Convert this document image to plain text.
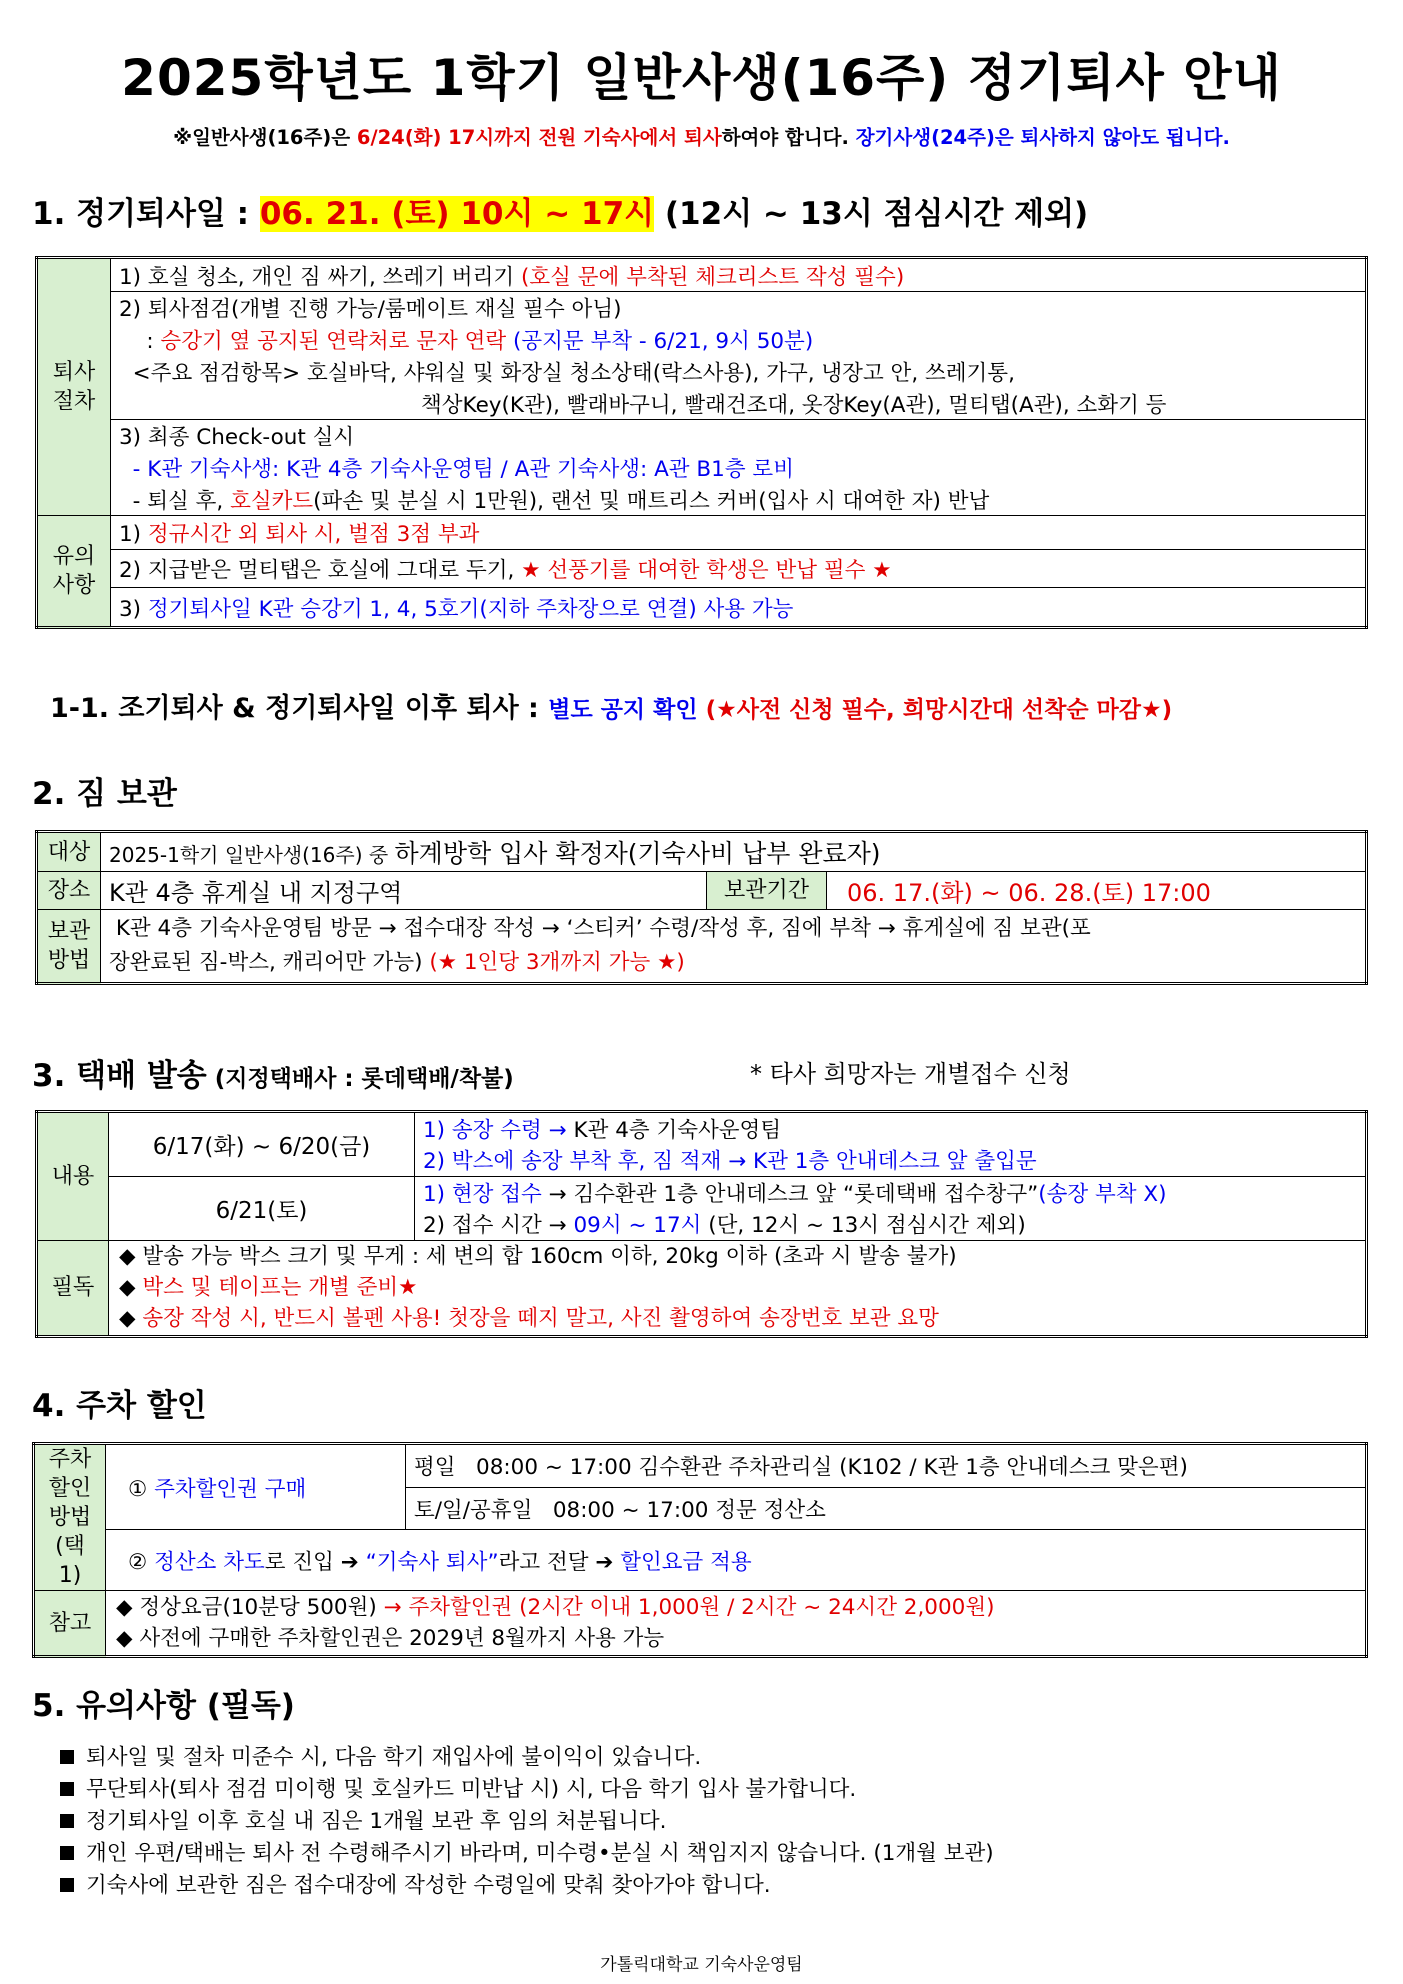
2025학년도 1학기 일반사생(16주) 정기퇴사 안내
※일반사생(16주)은 6/24(화) 17시까지 전원 기숙사에서 퇴사하여야 합니다. 장기사생(24주)은 퇴사하지 않아도 됩니다.
1. 정기퇴사일 : 06. 21. (토) 10시 ~ 17시 (12시 ~ 13시 점심시간 제외)
퇴사 절차	1) 호실 청소, 개인 짐 싸기, 쓰레기 버리기 (호실 문에 부착된 체크리스트 작성 필수)
	2) 퇴사점검(개별 진행 가능/룸메이트 재실 필수 아님)
	: 승강기 옆 공지된 연락처로 문자 연락 (공지문 부착 - 6/21, 9시 50분)
	<주요 점검항목> 호실바닥, 샤워실 및 화장실 청소상태(락스사용), 가구, 냉장고 안, 쓰레기통,
	책상Key(K관), 빨래바구니, 빨래건조대, 옷장Key(A관), 멀티탭(A관), 소화기 등
	3) 최종 Check-out 실시
	- K관 기숙사생: K관 4층 기숙사운영팀 / A관 기숙사생: A관 B1층 로비
	- 퇴실 후, 호실카드(파손 및 분실 시 1만원), 랜선 및 매트리스 커버(입사 시 대여한 자) 반납

유의 사항	1) 정규시간 외 퇴사 시, 벌점 3점 부과
	2) 지급받은 멀티탭은 호실에 그대로 두기, ★ 선풍기를 대여한 학생은 반납 필수 ★
	3) 정기퇴사일 K관 승강기 1, 4, 5호기(지하 주차장으로 연결) 사용 가능
1-1. 조기퇴사 & 정기퇴사일 이후 퇴사 : 별도 공지 확인 (★사전 신청 필수, 희망시간대 선착순 마감★)
2. 짐 보관
대상	2025-1학기 일반사생(16주) 중 하계방학 입사 확정자(기숙사비 납부 완료자)		
장소	K관 4층 휴게실 내 지정구역	보관기간	06. 17.(화) ~ 06. 28.(토) 17:00

보관 방법	K관 4층 기숙사운영팀 방문 → 접수대장 작성 → ‘스티커’ 수령/작성 후, 짐에 부착 → 휴게실에 짐 보관(포
장완료된 짐-박스, 캐리어만 가능) (★ 1인당 3개까지 가능 ★)		
3. 택배 발송 (지정택배사 : 롯데택배/착불)	* 타사 희망자는 개별접수 신청
내용	6/17(화) ~ 6/20(금)	1) 송장 수령 → K관 4층 기숙사운영팀
		2) 박스에 송장 부착 후, 짐 적재 → K관 1층 안내데스크 앞 출입문
	6/21(토)	1) 현장 접수 → 김수환관 1층 안내데스크 앞 “롯데택배 접수창구”(송장 부착 X)
		2) 접수 시간 → 09시 ~ 17시 (단, 12시 ~ 13시 점심시간 제외)
필독	◆ 발송 가능 박스 크기 및 무게 : 세 변의 합 160cm 이하, 20kg 이하 (초과 시 발송 불가)
◆ 박스 및 테이프는 개별 준비★
◆ 송장 작성 시, 반드시 볼펜 사용! 첫장을 떼지 말고, 사진 촬영하여 송장번호 보관 요망	
4. 주차 할인
주차 할인 방법 (택1)	① 주차할인권 구매	평일   08:00 ~ 17:00 김수환관 주차관리실 (K102 / K관 1층 안내데스크 맞은편)
		토/일/공휴일   08:00 ~ 17:00 정문 정산소
	② 정산소 차도로 진입 ➔ “기숙사 퇴사”라고 전달 ➔ 할인요금 적용	
참고	◆ 정상요금(10분당 500원) → 주차할인권 (2시간 이내 1,000원 / 2시간 ~ 24시간 2,000원)
◆ 사전에 구매한 주차할인권은 2029년 8월까지 사용 가능	
5. 유의사항 (필독)
퇴사일 및 절차 미준수 시, 다음 학기 재입사에 불이익이 있습니다.
무단퇴사(퇴사 점검 미이행 및 호실카드 미반납 시) 시, 다음 학기 입사 불가합니다.
정기퇴사일 이후 호실 내 짐은 1개월 보관 후 임의 처분됩니다.
개인 우편/택배는 퇴사 전 수령해주시기 바라며, 미수령•분실 시 책임지지 않습니다. (1개월 보관)
기숙사에 보관한 짐은 접수대장에 작성한 수령일에 맞춰 찾아가야 합니다.
가톨릭대학교 기숙사운영팀
